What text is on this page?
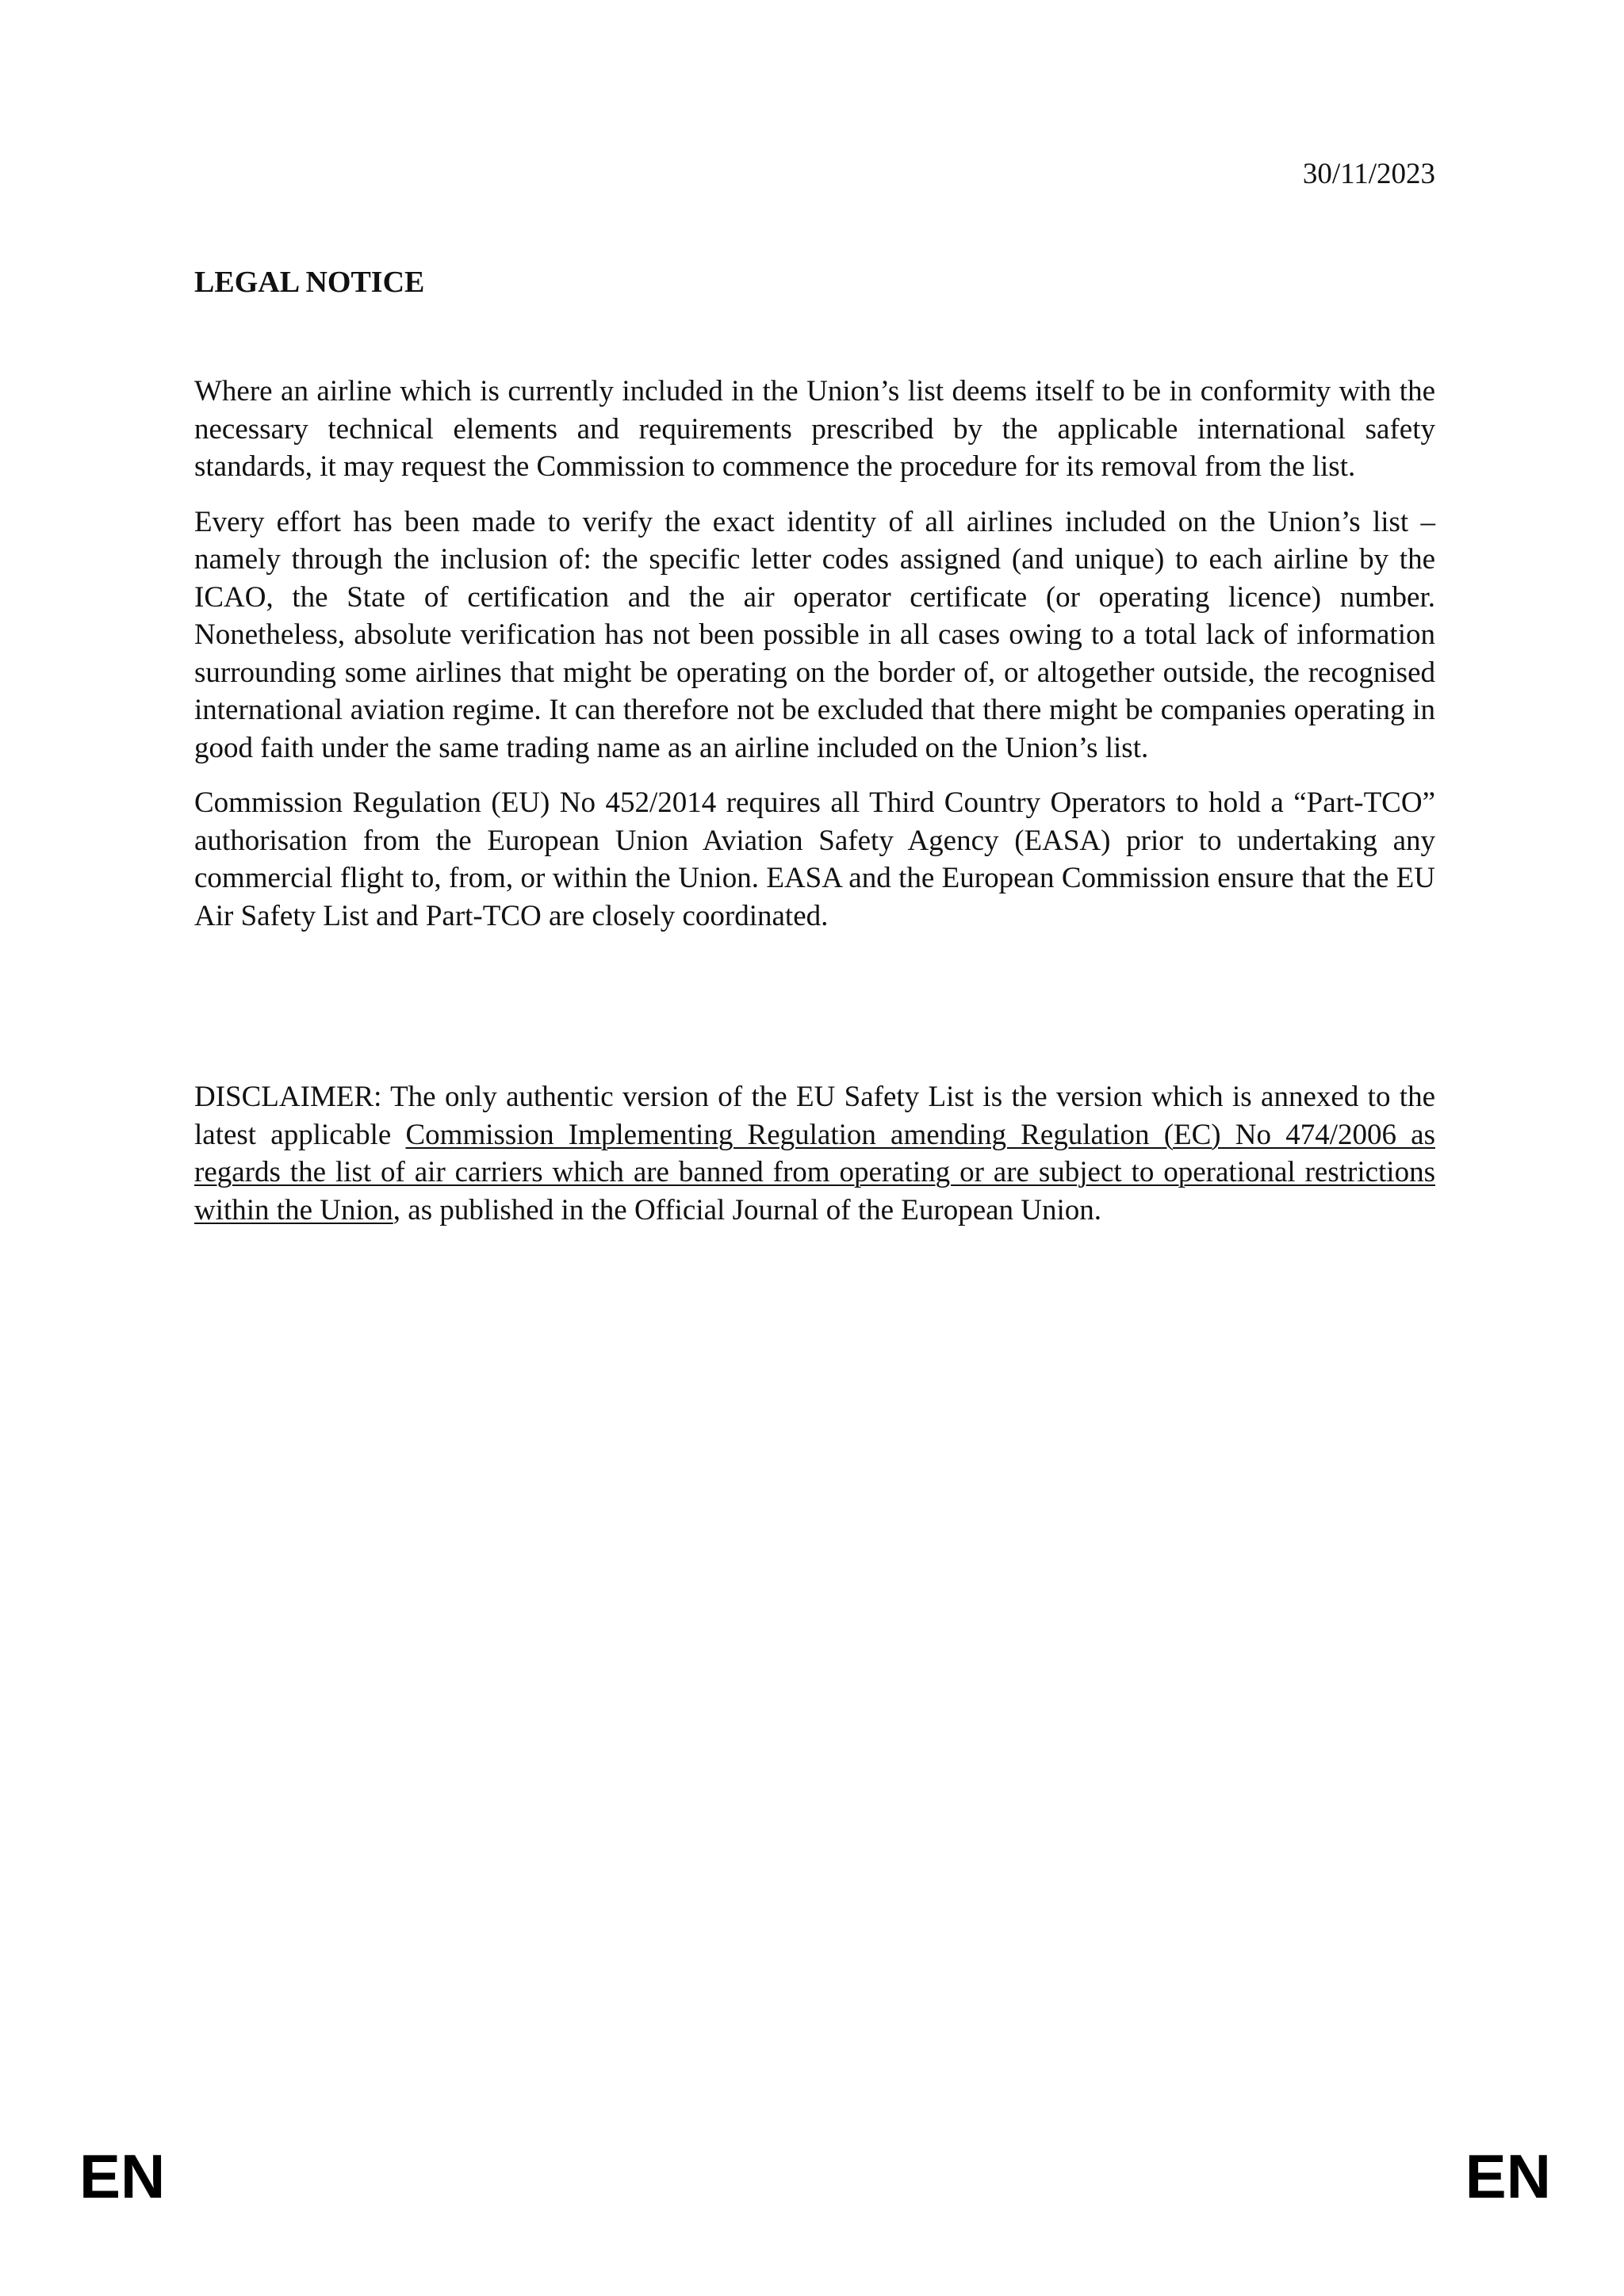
30/11/2023
LEGAL NOTICE

Where an airline which is currently included in the Union’s list deems itself to be in conformity with the necessary technical elements and requirements prescribed by the applicable international safety standards, it may request the Commission to commence the procedure for its removal from the list.

Every effort has been made to verify the exact identity of all airlines included on the Union’s list – namely through the inclusion of: the specific letter codes assigned (and unique) to each airline by the ICAO, the State of certification and the air operator certificate (or operating licence) number. Nonetheless, absolute verification has not been possible in all cases owing to a total lack of information surrounding some airlines that might be operating on the border of, or altogether outside, the recognised international aviation regime. It can therefore not be excluded that there might be companies operating in good faith under the same trading name as an airline included on the Union’s list.

Commission Regulation (EU) No 452/2014 requires all Third Country Operators to hold a “Part-TCO” authorisation from the European Union Aviation Safety Agency (EASA) prior to undertaking any commercial flight to, from, or within the Union. EASA and the European Commission ensure that the EU Air Safety List and Part-TCO are closely coordinated.

DISCLAIMER: The only authentic version of the EU Safety List is the version which is annexed to the latest applicable Commission Implementing Regulation amending Regulation (EC) No 474/2006 as regards the list of air carriers which are banned from operating or are subject to operational restrictions within the Union, as published in the Official Journal of the European Union.

EN	EN
